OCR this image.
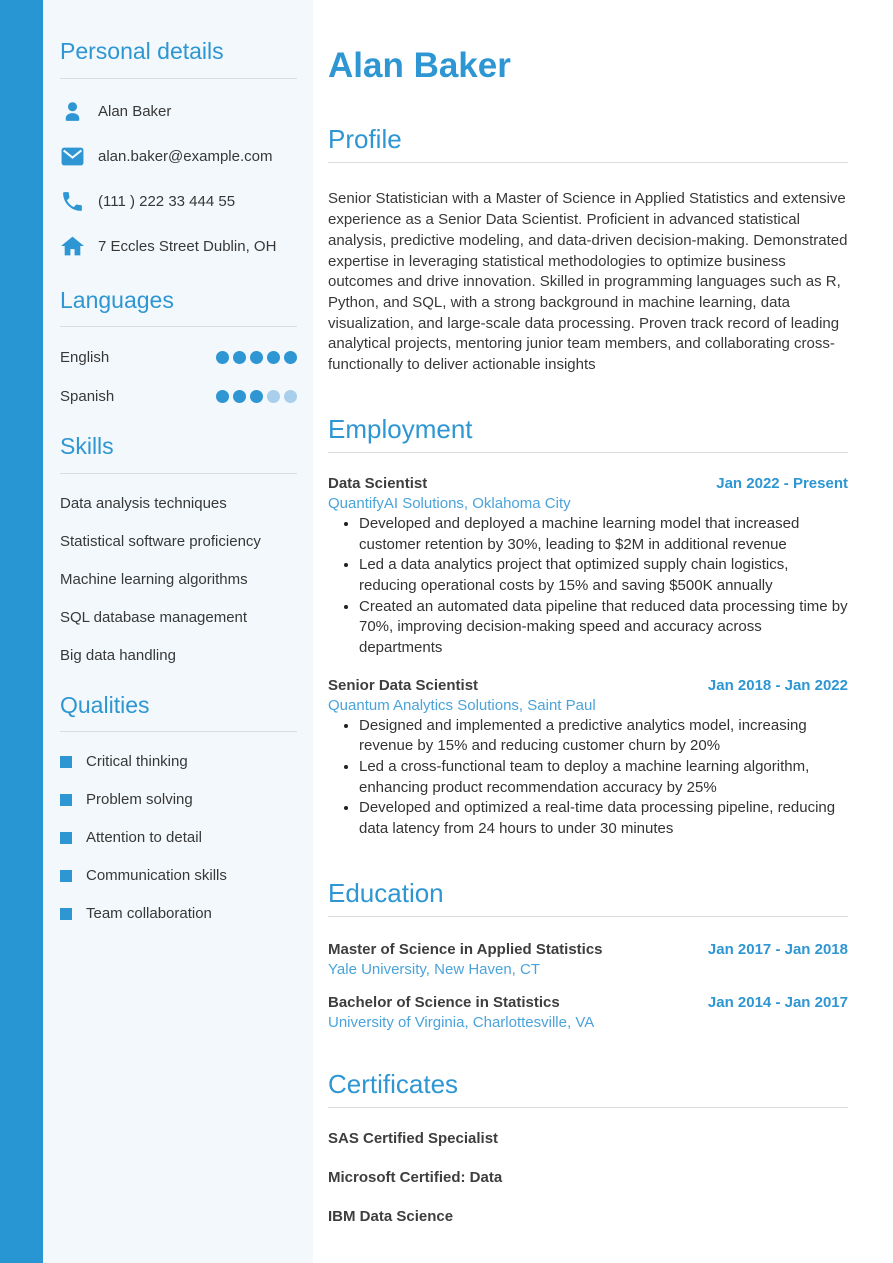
Personal details
Alan Baker
alan.baker@example.com
(111 ) 222 33 444 55
7 Eccles Street Dublin, OH
Languages
English
Spanish
Skills
Data analysis techniques
Statistical software proficiency
Machine learning algorithms
SQL database management
Big data handling
Qualities
Critical thinking
Problem solving
Attention to detail
Communication skills
Team collaboration
Alan Baker
Profile

Senior Statistician with a Master of Science in Applied Statistics and extensive experience as a Senior Data Scientist. Proficient in advanced statistical analysis, predictive modeling, and data-driven decision-making. Demonstrated expertise in leveraging statistical methodologies to optimize business outcomes and drive innovation. Skilled in programming languages such as R, Python, and SQL, with a strong background in machine learning, data visualization, and large-scale data processing. Proven track record of leading analytical projects, mentoring junior team members, and collaborating cross-functionally to deliver actionable insights

Employment
Data Scientist	Jan 2022 - Present
QuantifyAI Solutions, Oklahoma City
• Developed and deployed a machine learning model that increased customer retention by 30%, leading to $2M in additional revenue
• Led a data analytics project that optimized supply chain logistics, reducing operational costs by 15% and saving $500K annually
• Created an automated data pipeline that reduced data processing time by 70%, improving decision-making speed and accuracy across departments
Senior Data Scientist	Jan 2018 - Jan 2022
Quantum Analytics Solutions, Saint Paul
• Designed and implemented a predictive analytics model, increasing revenue by 15% and reducing customer churn by 20%
• Led a cross-functional team to deploy a machine learning algorithm, enhancing product recommendation accuracy by 25%
• Developed and optimized a real-time data processing pipeline, reducing data latency from 24 hours to under 30 minutes
Education
Master of Science in Applied Statistics	Jan 2017 - Jan 2018
Yale University, New Haven, CT
Bachelor of Science in Statistics	Jan 2014 - Jan 2017
University of Virginia, Charlottesville, VA
Certificates
SAS Certified Specialist
Microsoft Certified: Data
IBM Data Science
